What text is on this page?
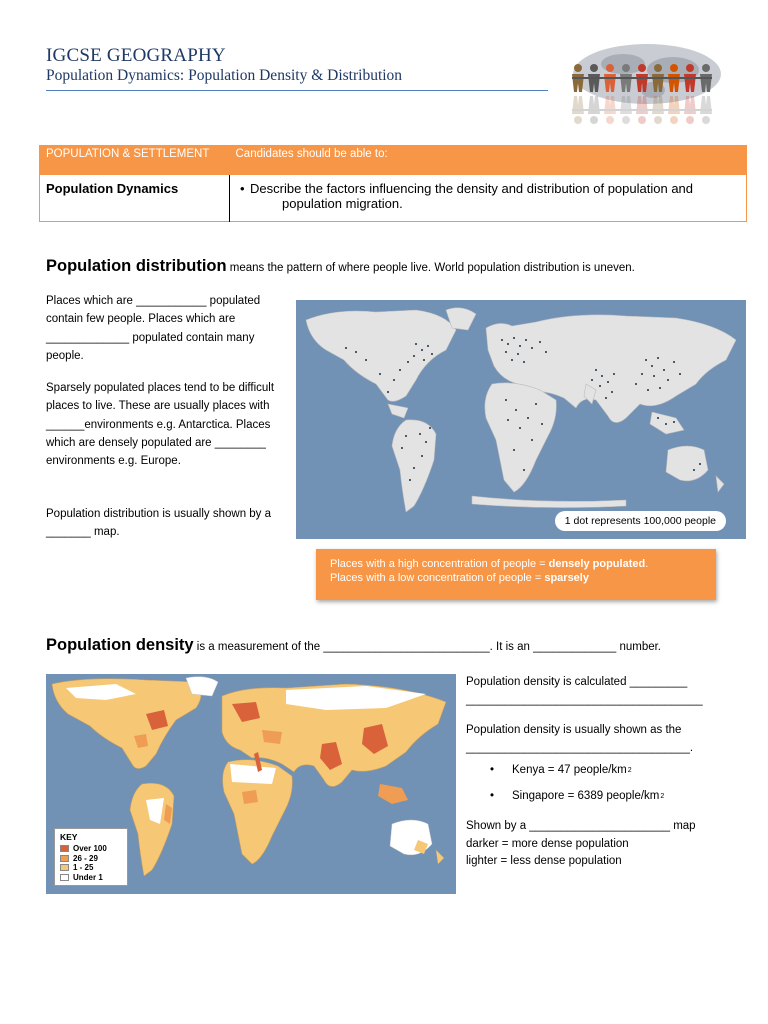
IGCSE GEOGRAPHY
Population Dynamics: Population Density & Distribution
POPULATION & SETTLEMENT	Candidates should be able to:
Population Dynamics	• Describe the factors influencing the density and distribution of population and
population migration.
Population distribution means the pattern of where people live. World population distribution is uneven.
Places which are ___________ populated contain few people. Places which are _____________ populated contain many people.
Sparsely populated places tend to be difficult places to live. These are usually places with ______environments e.g. Antarctica. Places which are densely populated are ________ environments e.g. Europe.
Population distribution is usually shown by a _______ map.
1 dot represents 100,000 people
Places with a high concentration of people = densely populated.
Places with a low concentration of people = sparsely
Population density is a measurement of the __________________________. It is an _____________ number.
KEY
Over 100
26 - 29
1 - 25
Under 1
Population density is calculated _________ _____________________________________
Population density is usually shown as the ___________________________________.
•	Kenya = 47 people/km 2
•	Singapore = 6389 people/km 2
Shown by a ______________________ map
darker = more dense population
lighter = less dense population
